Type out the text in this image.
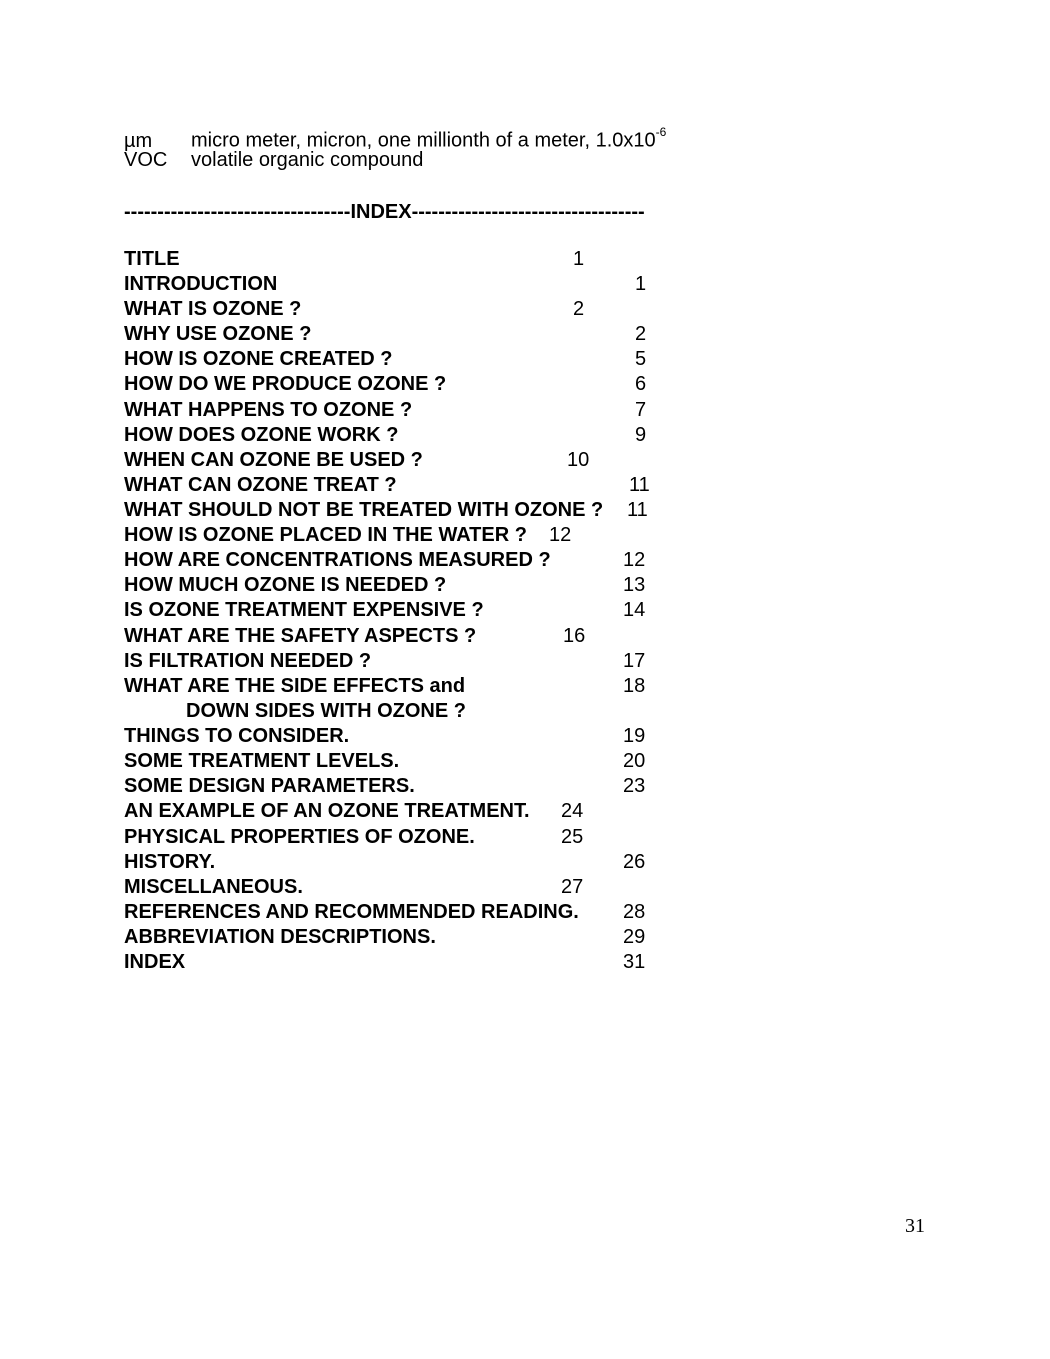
µm micro meter, micron, one millionth of a meter, $1.0x10^{-6}$
VOC volatile organic compound
----------------------------------INDEX-----------------------------------
TITLE	1
INTRODUCTION	1
WHAT IS OZONE ?	2
WHY USE OZONE ?	2
HOW IS OZONE CREATED ?	5
HOW DO WE PRODUCE OZONE ?	6
WHAT HAPPENS TO OZONE ?	7
HOW DOES OZONE WORK ?	9
WHEN CAN OZONE BE USED ?	10
WHAT CAN OZONE TREAT ?	11
WHAT SHOULD NOT BE TREATED WITH OZONE ? 11
HOW IS OZONE PLACED IN THE WATER ? 12
HOW ARE CONCENTRATIONS MEASURED ?	12
HOW MUCH OZONE IS NEEDED ?	13
IS OZONE TREATMENT EXPENSIVE ?	14
WHAT ARE THE SAFETY ASPECTS ?	16
IS FILTRATION NEEDED ?	17
WHAT ARE THE SIDE EFFECTS and	18
DOWN SIDES WITH OZONE ?
THINGS TO CONSIDER.	19
SOME TREATMENT LEVELS.	20
SOME DESIGN PARAMETERS.	23
AN EXAMPLE OF AN OZONE TREATMENT. 24
PHYSICAL PROPERTIES OF OZONE.	25
HISTORY.	26
MISCELLANEOUS.	27
REFERENCES AND RECOMMENDED READING. 28
ABBREVIATION DESCRIPTIONS.	29
INDEX	31
31
